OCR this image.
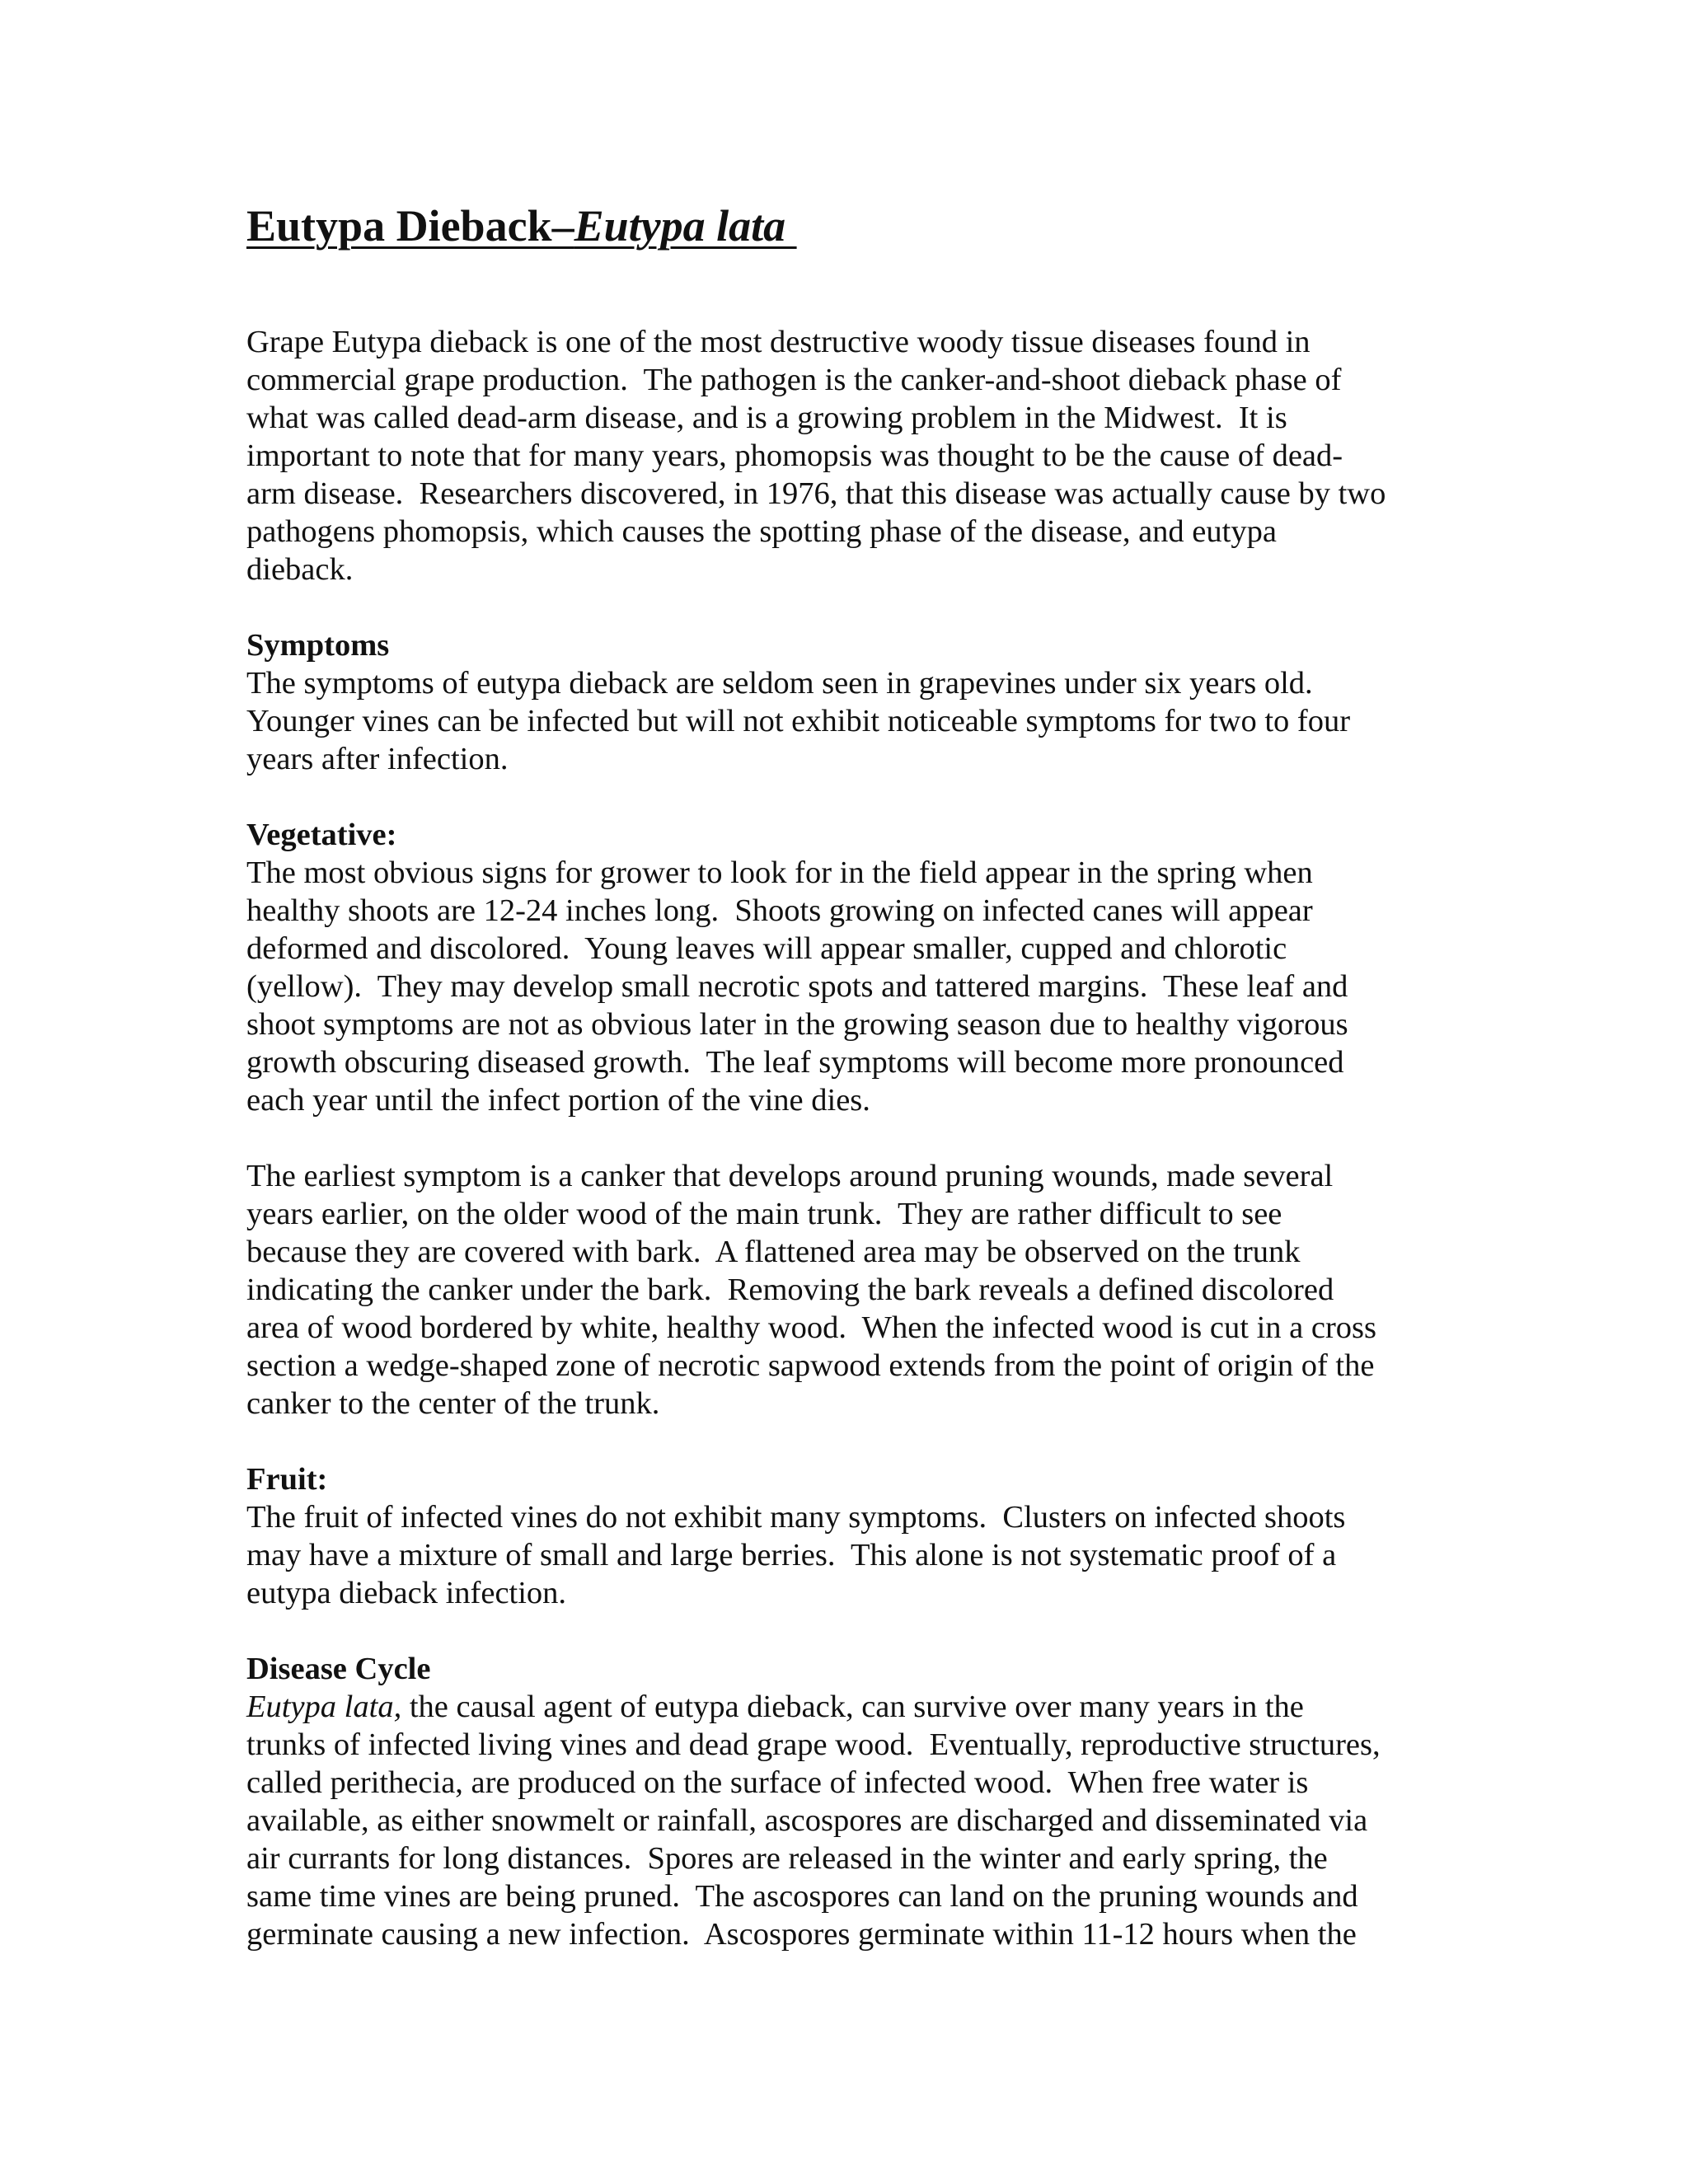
Eutypa Dieback–Eutypa lata

Grape Eutypa dieback is one of the most destructive woody tissue diseases found in
commercial grape production.  The pathogen is the canker-and-shoot dieback phase of
what was called dead-arm disease, and is a growing problem in the Midwest.  It is
important to note that for many years, phomopsis was thought to be the cause of dead-
arm disease.  Researchers discovered, in 1976, that this disease was actually cause by two
pathogens phomopsis, which causes the spotting phase of the disease, and eutypa
dieback.

Symptoms
The symptoms of eutypa dieback are seldom seen in grapevines under six years old.
Younger vines can be infected but will not exhibit noticeable symptoms for two to four
years after infection.

Vegetative:
The most obvious signs for grower to look for in the field appear in the spring when
healthy shoots are 12-24 inches long.  Shoots growing on infected canes will appear
deformed and discolored.  Young leaves will appear smaller, cupped and chlorotic
(yellow).  They may develop small necrotic spots and tattered margins.  These leaf and
shoot symptoms are not as obvious later in the growing season due to healthy vigorous
growth obscuring diseased growth.  The leaf symptoms will become more pronounced
each year until the infect portion of the vine dies.

The earliest symptom is a canker that develops around pruning wounds, made several
years earlier, on the older wood of the main trunk.  They are rather difficult to see
because they are covered with bark.  A flattened area may be observed on the trunk
indicating the canker under the bark.  Removing the bark reveals a defined discolored
area of wood bordered by white, healthy wood.  When the infected wood is cut in a cross
section a wedge-shaped zone of necrotic sapwood extends from the point of origin of the
canker to the center of the trunk.

Fruit:
The fruit of infected vines do not exhibit many symptoms.  Clusters on infected shoots
may have a mixture of small and large berries.  This alone is not systematic proof of a
eutypa dieback infection.

Disease Cycle
Eutypa lata, the causal agent of eutypa dieback, can survive over many years in the
trunks of infected living vines and dead grape wood.  Eventually, reproductive structures,
called perithecia, are produced on the surface of infected wood.  When free water is
available, as either snowmelt or rainfall, ascospores are discharged and disseminated via
air currants for long distances.  Spores are released in the winter and early spring, the
same time vines are being pruned.  The ascospores can land on the pruning wounds and
germinate causing a new infection.  Ascospores germinate within 11-12 hours when the
